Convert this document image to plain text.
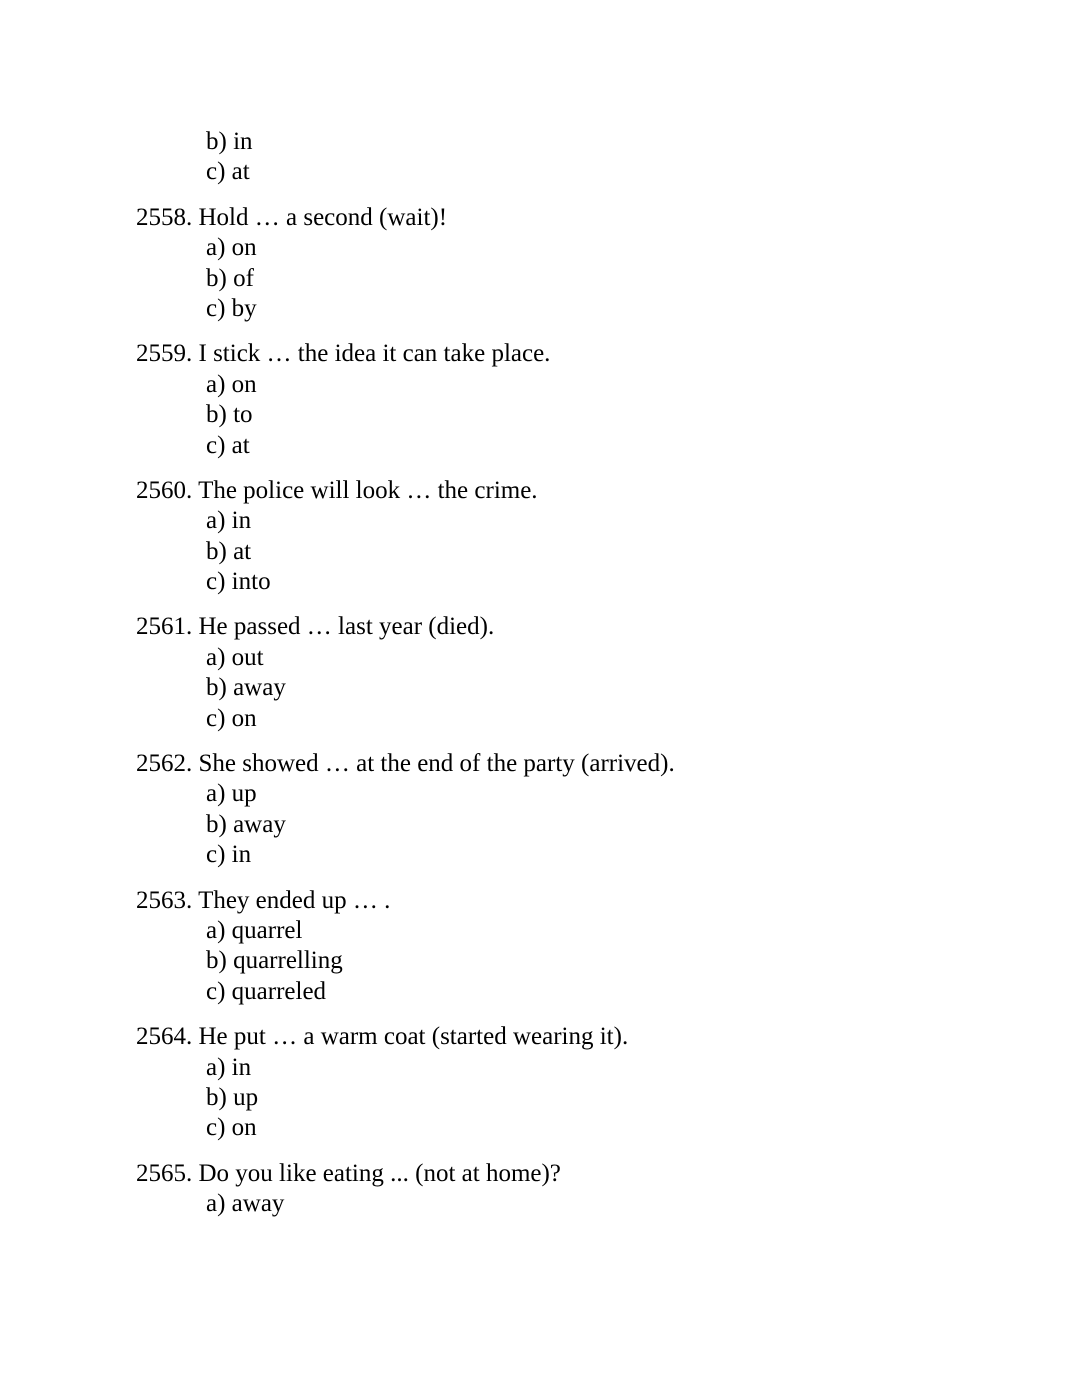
b) in
c) at
2558. Hold … a second (wait)!
a) on
b) of
c) by
2559. I stick … the idea it can take place.
a) on
b) to
c) at
2560. The police will look … the crime.
a) in
b) at
c) into
2561. He passed … last year (died).
a) out
b) away
c) on
2562. She showed … at the end of the party (arrived).
a) up
b) away
c) in
2563. They ended up … .
a) quarrel
b) quarrelling
c) quarreled
2564. He put … a warm coat (started wearing it).
a) in
b) up
c) on
2565. Do you like eating ... (not at home)?
a) away
